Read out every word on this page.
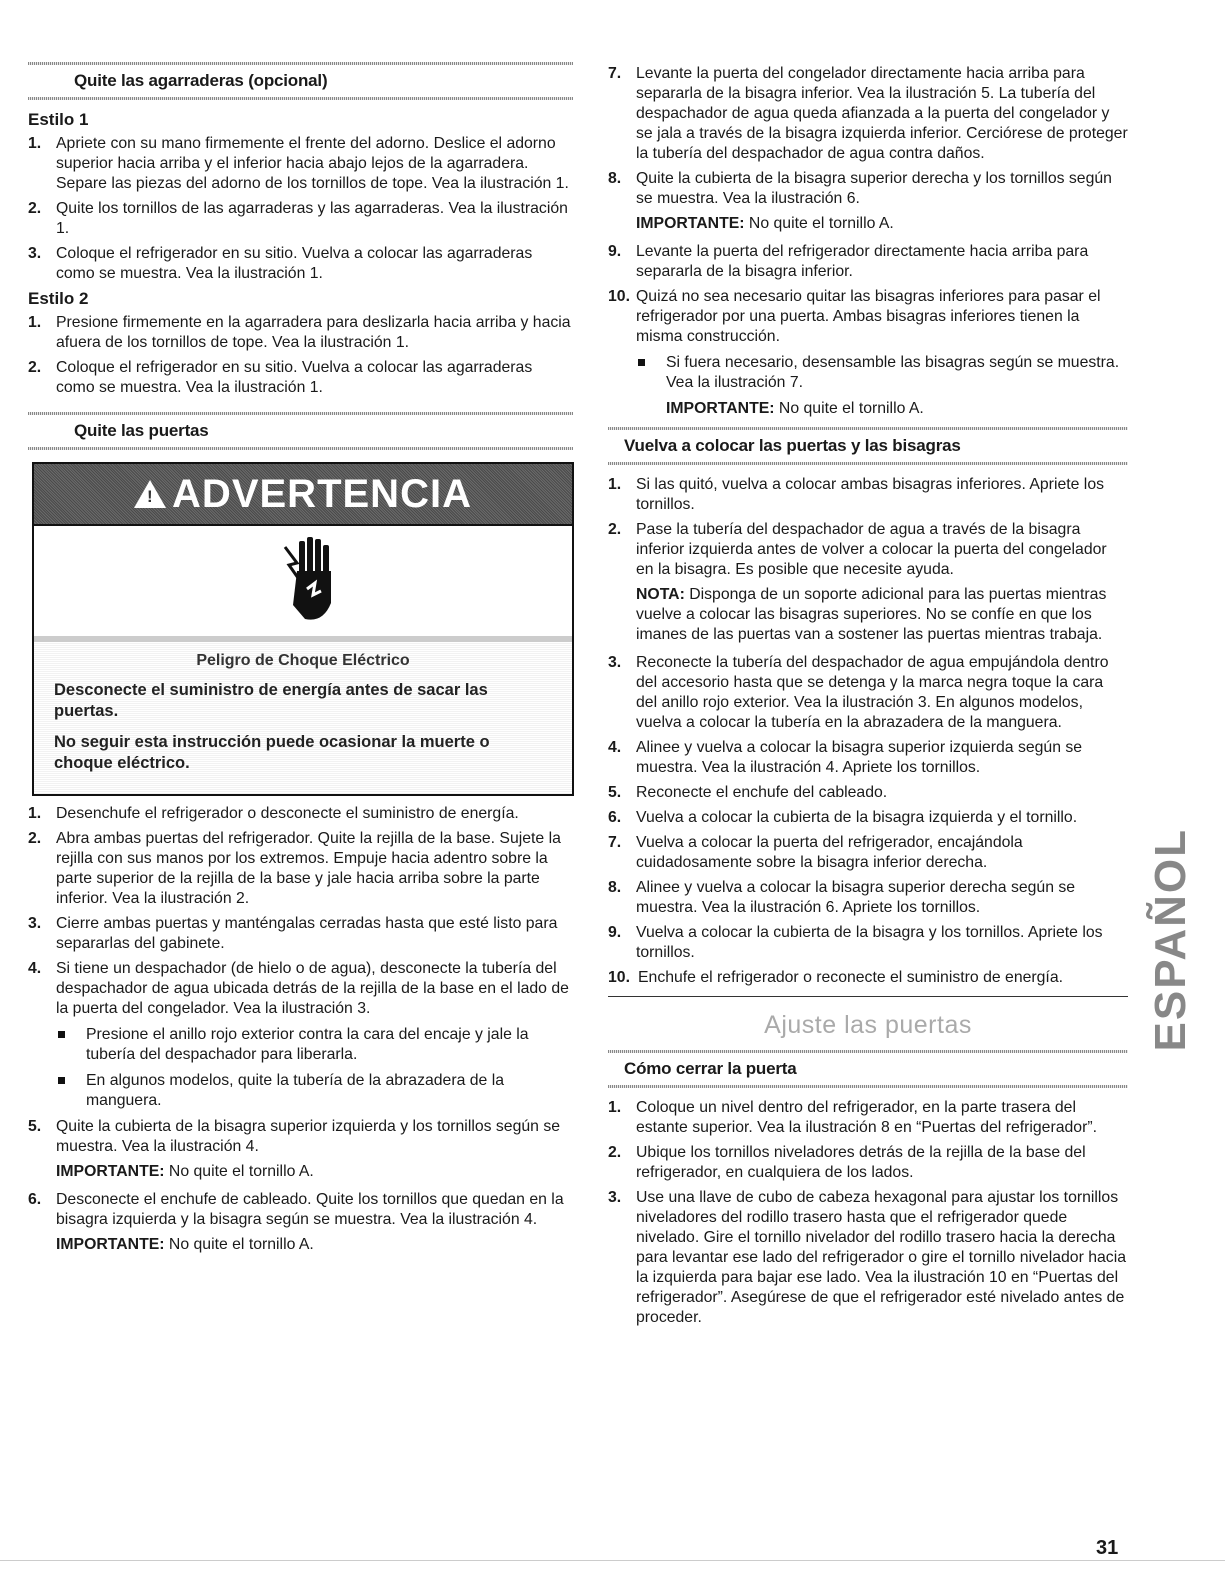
Quite las agarraderas (opcional)
Estilo 1
1. Apriete con su mano firmemente el frente del adorno. Deslice el adorno superior hacia arriba y el inferior hacia abajo lejos de la agarradera. Separe las piezas del adorno de los tornillos de tope. Vea la ilustración 1.
2. Quite los tornillos de las agarraderas y las agarraderas. Vea la ilustración 1.
3. Coloque el refrigerador en su sitio. Vuelva a colocar las agarraderas como se muestra. Vea la ilustración 1.
Estilo 2
1. Presione firmemente en la agarradera para deslizarla hacia arriba y hacia afuera de los tornillos de tope. Vea la ilustración 1.
2. Coloque el refrigerador en su sitio. Vuelva a colocar las agarraderas como se muestra. Vea la ilustración 1.
Quite las puertas
!
ADVERTENCIA
Peligro de Choque Eléctrico

Desconecte el suministro de energía antes de sacar las puertas.

No seguir esta instrucción puede ocasionar la muerte o choque eléctrico.

1. Desenchufe el refrigerador o desconecte el suministro de energía.
2. Abra ambas puertas del refrigerador. Quite la rejilla de la base. Sujete la rejilla con sus manos por los extremos. Empuje hacia adentro sobre la parte superior de la rejilla de la base y jale hacia arriba sobre la parte inferior. Vea la ilustración 2.
3. Cierre ambas puertas y manténgalas cerradas hasta que esté listo para separarlas del gabinete.
4. Si tiene un despachador (de hielo o de agua), desconecte la tubería del despachador de agua ubicada detrás de la rejilla de la base en el lado de la puerta del congelador. Vea la ilustración 3.
Presione el anillo rojo exterior contra la cara del encaje y jale la tubería del despachador para liberarla.
En algunos modelos, quite la tubería de la abrazadera de la manguera.
5. Quite la cubierta de la bisagra superior izquierda y los tornillos según se muestra. Vea la ilustración 4.
IMPORTANTE: No quite el tornillo A.
6. Desconecte el enchufe de cableado. Quite los tornillos que quedan en la bisagra izquierda y la bisagra según se muestra. Vea la ilustración 4.
IMPORTANTE: No quite el tornillo A.
7. Levante la puerta del congelador directamente hacia arriba para separarla de la bisagra inferior. Vea la ilustración 5. La tubería del despachador de agua queda afianzada a la puerta del congelador y se jala a través de la bisagra izquierda inferior. Cerciórese de proteger la tubería del despachador de agua contra daños.
8. Quite la cubierta de la bisagra superior derecha y los tornillos según se muestra. Vea la ilustración 6.
IMPORTANTE: No quite el tornillo A.
9. Levante la puerta del refrigerador directamente hacia arriba para separarla de la bisagra inferior.
10. Quizá no sea necesario quitar las bisagras inferiores para pasar el refrigerador por una puerta. Ambas bisagras inferiores tienen la misma construcción.
Si fuera necesario, desensamble las bisagras según se muestra. Vea la ilustración 7.
IMPORTANTE: No quite el tornillo A.
Vuelva a colocar las puertas y las bisagras
1. Si las quitó, vuelva a colocar ambas bisagras inferiores. Apriete los tornillos.
2. Pase la tubería del despachador de agua a través de la bisagra inferior izquierda antes de volver a colocar la puerta del congelador en la bisagra. Es posible que necesite ayuda.
NOTA: Disponga de un soporte adicional para las puertas mientras vuelve a colocar las bisagras superiores. No se confíe en que los imanes de las puertas van a sostener las puertas mientras trabaja.
3. Reconecte la tubería del despachador de agua empujándola dentro del accesorio hasta que se detenga y la marca negra toque la cara del anillo rojo exterior. Vea la ilustración 3. En algunos modelos, vuelva a colocar la tubería en la abrazadera de la manguera.
4. Alinee y vuelva a colocar la bisagra superior izquierda según se muestra. Vea la ilustración 4. Apriete los tornillos.
5. Reconecte el enchufe del cableado.
6. Vuelva a colocar la cubierta de la bisagra izquierda y el tornillo.
7. Vuelva a colocar la puerta del refrigerador, encajándola cuidadosamente sobre la bisagra inferior derecha.
8. Alinee y vuelva a colocar la bisagra superior derecha según se muestra. Vea la ilustración 6. Apriete los tornillos.
9. Vuelva a colocar la cubierta de la bisagra y los tornillos. Apriete los tornillos.
10. Enchufe el refrigerador o reconecte el suministro de energía.
Ajuste las puertas
Cómo cerrar la puerta
1. Coloque un nivel dentro del refrigerador, en la parte trasera del estante superior. Vea la ilustración 8 en “Puertas del refrigerador”.
2. Ubique los tornillos niveladores detrás de la rejilla de la base del refrigerador, en cualquiera de los lados.
3. Use una llave de cubo de cabeza hexagonal para ajustar los tornillos niveladores del rodillo trasero hasta que el refrigerador quede nivelado. Gire el tornillo nivelador del rodillo trasero hacia la derecha para levantar ese lado del refrigerador o gire el tornillo nivelador hacia la izquierda para bajar ese lado. Vea la ilustración 10 en “Puertas del refrigerador”. Asegúrese de que el refrigerador esté nivelado antes de proceder.
ESPAÑOL
31
